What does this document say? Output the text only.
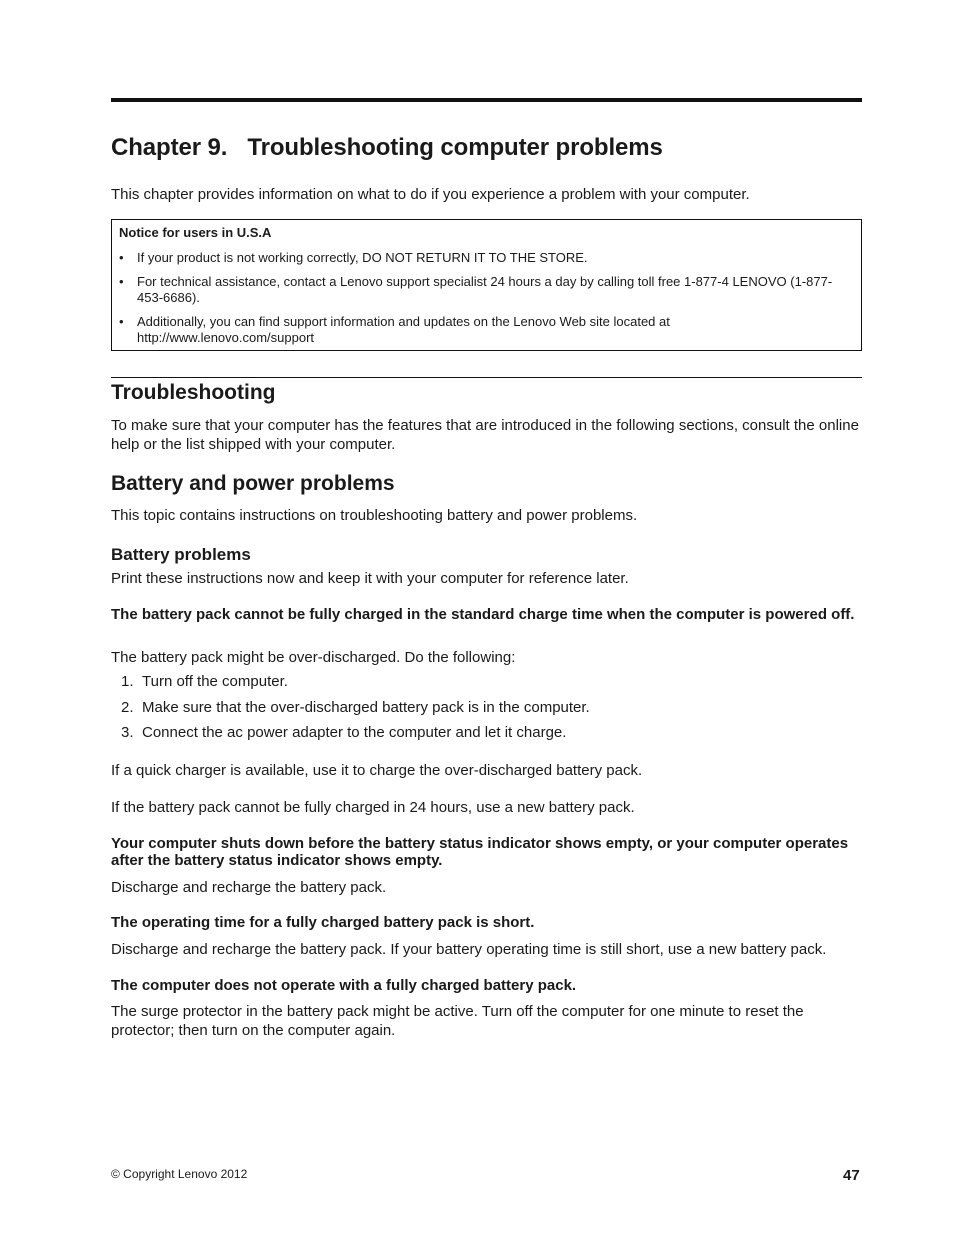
Chapter 9. Troubleshooting computer problems

This chapter provides information on what to do if you experience a problem with your computer.

Notice for users in U.S.A
• If your product is not working correctly, DO NOT RETURN IT TO THE STORE.
• For technical assistance, contact a Lenovo support specialist 24 hours a day by calling toll free 1-877-4 LENOVO (1-877-453-6686).
• Additionally, you can find support information and updates on the Lenovo Web site located at http://www.lenovo.com/support
Troubleshooting

To make sure that your computer has the features that are introduced in the following sections, consult the online help or the list shipped with your computer.

Battery and power problems

This topic contains instructions on troubleshooting battery and power problems.

Battery problems

Print these instructions now and keep it with your computer for reference later.

The battery pack cannot be fully charged in the standard charge time when the computer is powered off.

The battery pack might be over-discharged. Do the following:

1. Turn off the computer.
2. Make sure that the over-discharged battery pack is in the computer.
3. Connect the ac power adapter to the computer and let it charge.

If a quick charger is available, use it to charge the over-discharged battery pack.

If the battery pack cannot be fully charged in 24 hours, use a new battery pack.

Your computer shuts down before the battery status indicator shows empty, or your computer operates after the battery status indicator shows empty.

Discharge and recharge the battery pack.

The operating time for a fully charged battery pack is short.

Discharge and recharge the battery pack. If your battery operating time is still short, use a new battery pack.

The computer does not operate with a fully charged battery pack.

The surge protector in the battery pack might be active. Turn off the computer for one minute to reset the protector; then turn on the computer again.

© Copyright Lenovo 2012	47
